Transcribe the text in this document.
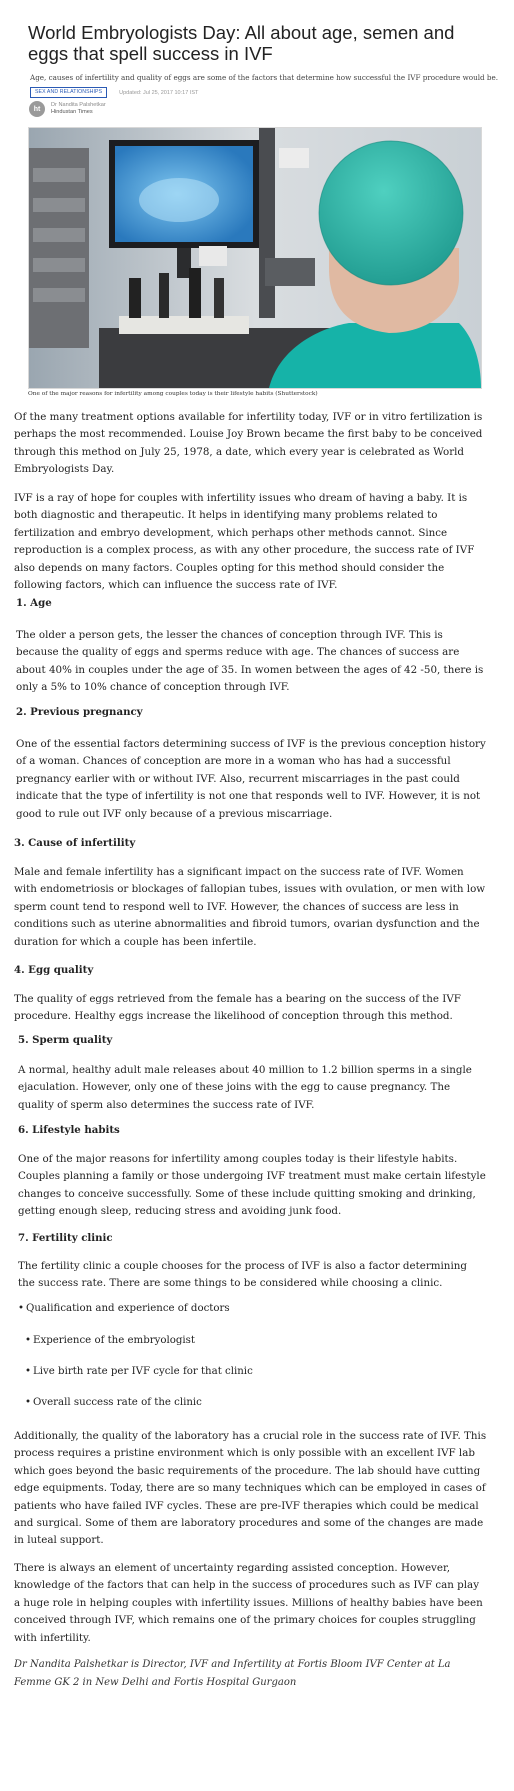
World Embryologists Day: All about age, semen and eggs that spell success in IVF

Age, causes of infertility and quality of eggs are some of the factors that determine how successful the IVF procedure would be.

SEX AND RELATIONSHIPS	Updated: Jul 25, 2017 10:17 IST
ht
Dr Nandita Palshetkar
Hindustan Times

One of the major reasons for infertility among couples today is their lifestyle habits (Shutterstock)

Of the many treatment options available for infertility today, IVF or in vitro fertilization is perhaps the most recommended. Louise Joy Brown became the first baby to be conceived through this method on July 25, 1978, a date, which every year is celebrated as World Embryologists Day.

IVF is a ray of hope for couples with infertility issues who dream of having a baby. It is both diagnostic and therapeutic. It helps in identifying many problems related to fertilization and embryo development, which perhaps other methods cannot. Since reproduction is a complex process, as with any other procedure, the success rate of IVF also depends on many factors. Couples opting for this method should consider the following factors, which can influence the success rate of IVF.

1. Age

The older a person gets, the lesser the chances of conception through IVF. This is because the quality of eggs and sperms reduce with age. The chances of success are about 40% in couples under the age of 35. In women between the ages of 42 -50, there is only a 5% to 10% chance of conception through IVF.

2. Previous pregnancy

One of the essential factors determining success of IVF is the previous conception history of a woman. Chances of conception are more in a woman who has had a successful pregnancy earlier with or without IVF. Also, recurrent miscarriages in the past could indicate that the type of infertility is not one that responds well to IVF. However, it is not good to rule out IVF only because of a previous miscarriage.

3. Cause of infertility

Male and female infertility has a significant impact on the success rate of IVF. Women with endometriosis or blockages of fallopian tubes, issues with ovulation, or men with low sperm count tend to respond well to IVF. However, the chances of success are less in conditions such as uterine abnormalities and fibroid tumors, ovarian dysfunction and the duration for which a couple has been infertile.

4. Egg quality

The quality of eggs retrieved from the female has a bearing on the success of the IVF procedure. Healthy eggs increase the likelihood of conception through this method.

5. Sperm quality

A normal, healthy adult male releases about 40 million to 1.2 billion sperms in a single ejaculation. However, only one of these joins with the egg to cause pregnancy. The quality of sperm also determines the success rate of IVF.

6. Lifestyle habits

One of the major reasons for infertility among couples today is their lifestyle habits. Couples planning a family or those undergoing IVF treatment must make certain lifestyle changes to conceive successfully. Some of these include quitting smoking and drinking, getting enough sleep, reducing stress and avoiding junk food.

7. Fertility clinic

The fertility clinic a couple chooses for the process of IVF is also a factor determining the success rate. There are some things to be considered while choosing a clinic.

• Qualification and experience of doctors

• Experience of the embryologist

• Live birth rate per IVF cycle for that clinic

• Overall success rate of the clinic

Additionally, the quality of the laboratory has a crucial role in the success rate of IVF. This process requires a pristine environment which is only possible with an excellent IVF lab which goes beyond the basic requirements of the procedure. The lab should have cutting edge equipments. Today, there are so many techniques which can be employed in cases of patients who have failed IVF cycles. These are pre-IVF therapies which could be medical and surgical. Some of them are laboratory procedures and some of the changes are made in luteal support.

There is always an element of uncertainty regarding assisted conception. However, knowledge of the factors that can help in the success of procedures such as IVF can play a huge role in helping couples with infertility issues. Millions of healthy babies have been conceived through IVF, which remains one of the primary choices for couples struggling with infertility.

Dr Nandita Palshetkar is Director, IVF and Infertility at Fortis Bloom IVF Center at La Femme GK 2 in New Delhi and Fortis Hospital Gurgaon
